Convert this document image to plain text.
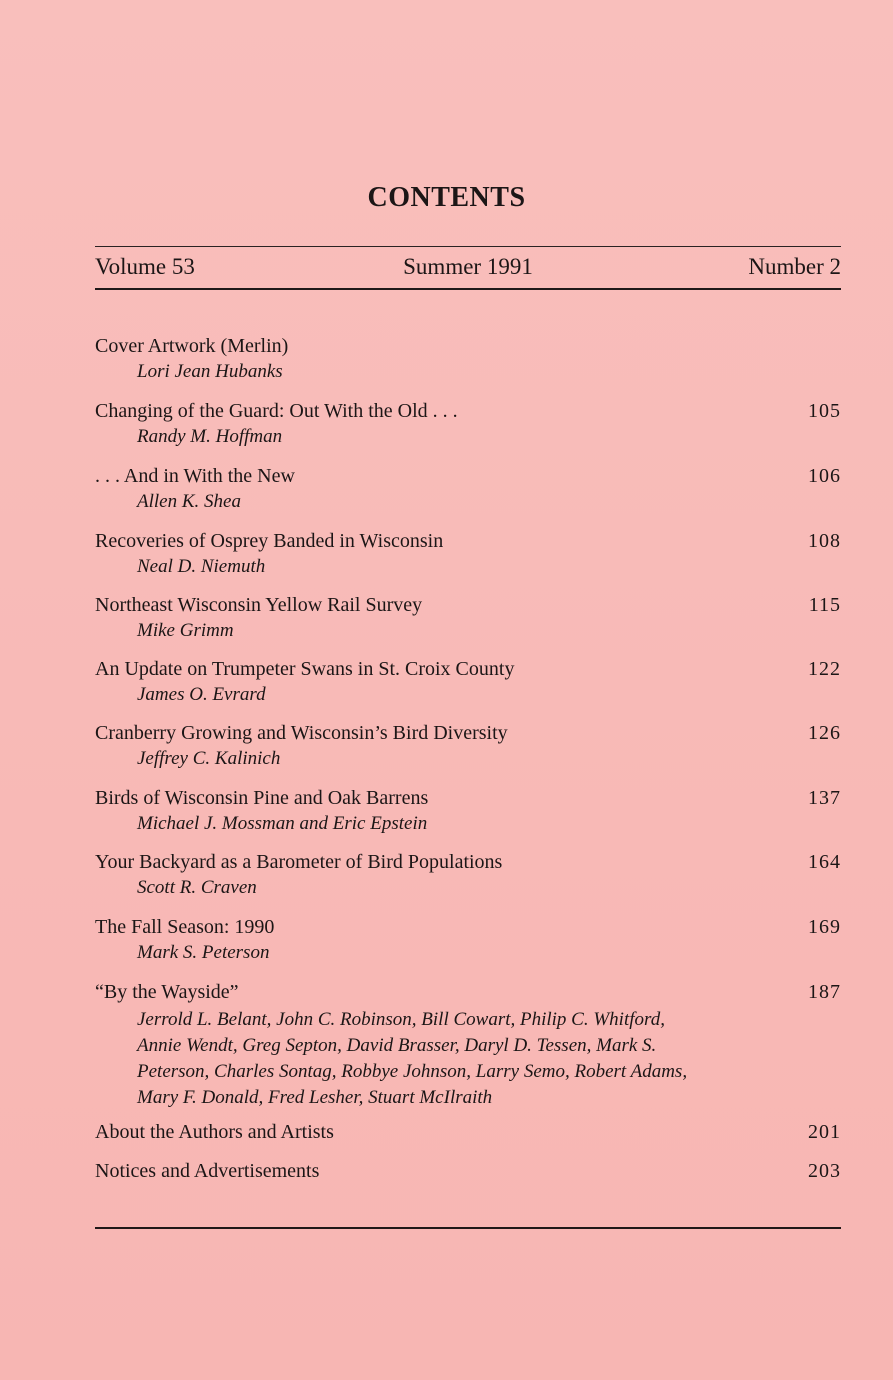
CONTENTS
Volume 53	Summer 1991	Number 2
Cover Artwork (Merlin)
Lori Jean Hubanks
Changing of the Guard: Out With the Old . . .	105
Randy M. Hoffman
. . . And in With the New	106
Allen K. Shea
Recoveries of Osprey Banded in Wisconsin	108
Neal D. Niemuth
Northeast Wisconsin Yellow Rail Survey	115
Mike Grimm
An Update on Trumpeter Swans in St. Croix County	122
James O. Evrard
Cranberry Growing and Wisconsin’s Bird Diversity	126
Jeffrey C. Kalinich
Birds of Wisconsin Pine and Oak Barrens	137
Michael J. Mossman and Eric Epstein
Your Backyard as a Barometer of Bird Populations	164
Scott R. Craven
The Fall Season: 1990	169
Mark S. Peterson
“By the Wayside”	187
Jerrold L. Belant, John C. Robinson, Bill Cowart, Philip C. Whitford,
Annie Wendt, Greg Septon, David Brasser, Daryl D. Tessen, Mark S.
Peterson, Charles Sontag, Robbye Johnson, Larry Semo, Robert Adams,
Mary F. Donald, Fred Lesher, Stuart McIlraith
About the Authors and Artists	201
Notices and Advertisements	203
